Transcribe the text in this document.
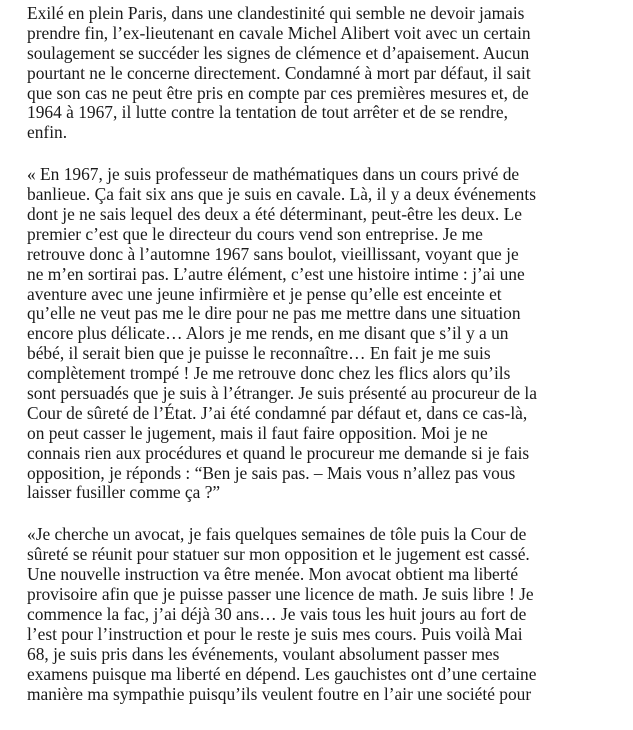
Exilé en plein Paris, dans une clandestinité qui semble ne devoir jamais
prendre fin, l’ex-lieutenant en cavale Michel Alibert voit avec un certain
soulagement se succéder les signes de clémence et d’apaisement. Aucun
pourtant ne le concerne directement. Condamné à mort par défaut, il sait
que son cas ne peut être pris en compte par ces premières mesures et, de
1964 à 1967, il lutte contre la tentation de tout arrêter et de se rendre,
enfin.
« En 1967, je suis professeur de mathématiques dans un cours privé de
banlieue. Ça fait six ans que je suis en cavale. Là, il y a deux événements
dont je ne sais lequel des deux a été déterminant, peut-être les deux. Le
premier c’est que le directeur du cours vend son entreprise. Je me
retrouve donc à l’automne 1967 sans boulot, vieillissant, voyant que je
ne m’en sortirai pas. L’autre élément, c’est une histoire intime : j’ai une
aventure avec une jeune infirmière et je pense qu’elle est enceinte et
qu’elle ne veut pas me le dire pour ne pas me mettre dans une situation
encore plus délicate… Alors je me rends, en me disant que s’il y a un
bébé, il serait bien que je puisse le reconnaître… En fait je me suis
complètement trompé ! Je me retrouve donc chez les flics alors qu’ils
sont persuadés que je suis à l’étranger. Je suis présenté au procureur de la
Cour de sûreté de l’État. J’ai été condamné par défaut et, dans ce cas-là,
on peut casser le jugement, mais il faut faire opposition. Moi je ne
connais rien aux procédures et quand le procureur me demande si je fais
opposition, je réponds : “Ben je sais pas. – Mais vous n’allez pas vous
laisser fusiller comme ça ?”
«Je cherche un avocat, je fais quelques semaines de tôle puis la Cour de
sûreté se réunit pour statuer sur mon opposition et le jugement est cassé.
Une nouvelle instruction va être menée. Mon avocat obtient ma liberté
provisoire afin que je puisse passer une licence de math. Je suis libre ! Je
commence la fac, j’ai déjà 30 ans… Je vais tous les huit jours au fort de
l’est pour l’instruction et pour le reste je suis mes cours. Puis voilà Mai
68, je suis pris dans les événements, voulant absolument passer mes
examens puisque ma liberté en dépend. Les gauchistes ont d’une certaine
manière ma sympathie puisqu’ils veulent foutre en l’air une société pour
